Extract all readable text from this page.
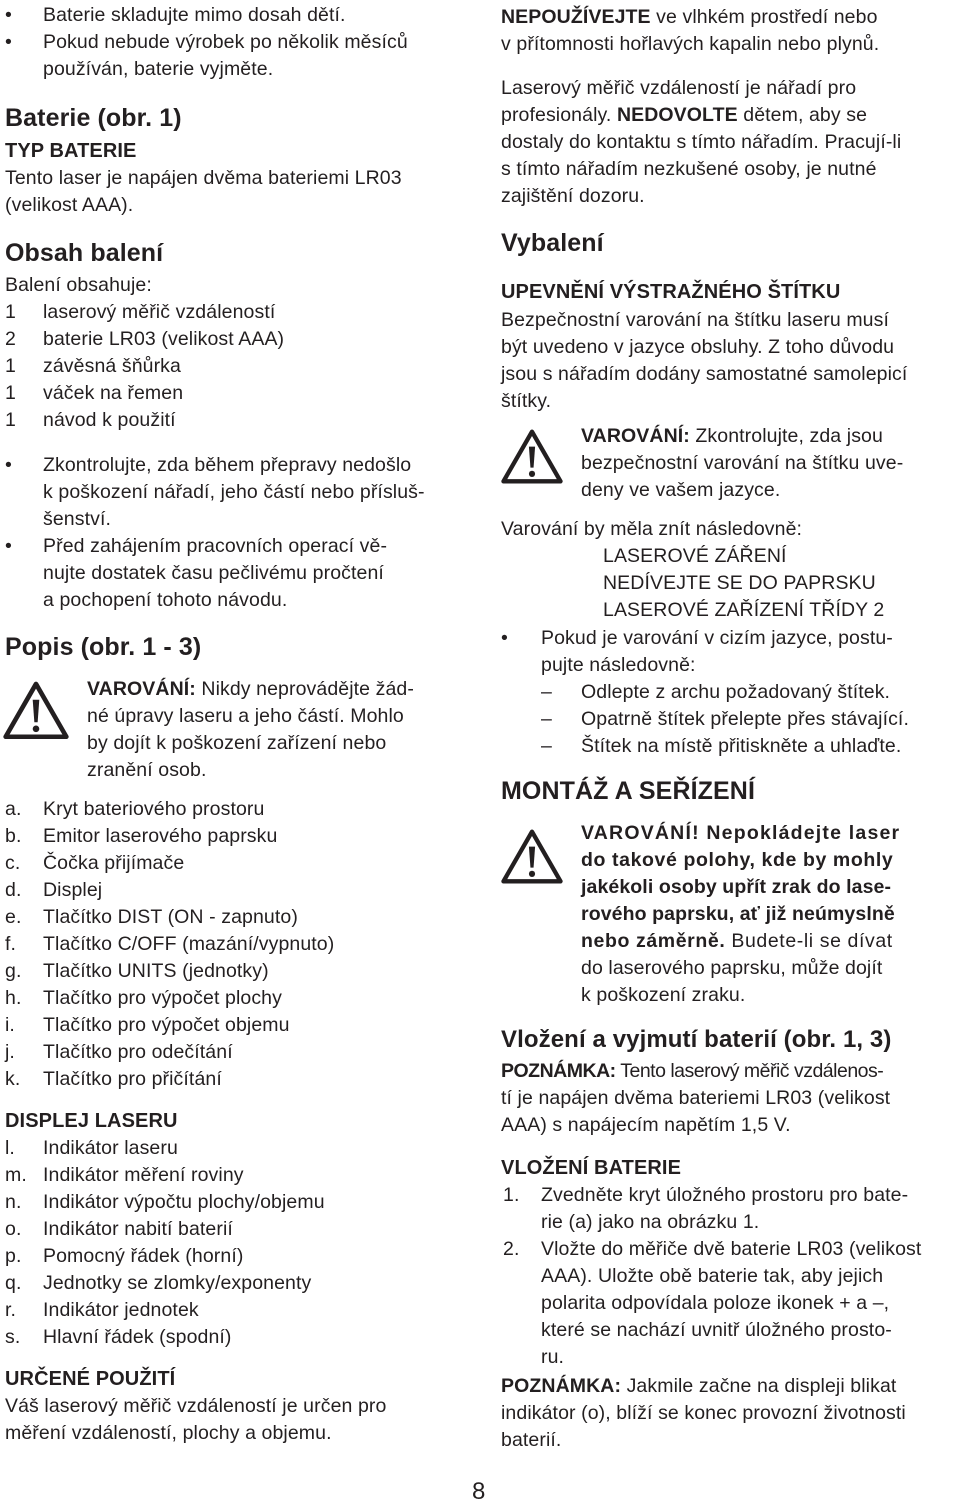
• Baterie skladujte mimo dosah dětí.
• Pokud nebude výrobek po několik měsíců
používán, baterie vyjměte.
Baterie (obr. 1)
TYP BATERIE
Tento laser je napájen dvěma bateriemi LR03
(velikost AAA).
Obsah balení
Balení obsahuje:
1 laserový měřič vzdáleností
2 baterie LR03 (velikost AAA)
1 závěsná šňůrka
1 váček na řemen
1 návod k použití
• Zkontrolujte, zda během přepravy nedošlo
k poškození nářadí, jeho částí nebo přísluš-
šenství.
• Před zahájením pracovních operací vě-
nujte dostatek času pečlivému pročtení
a pochopení tohoto návodu.
Popis (obr. 1 - 3)
VAROVÁNÍ: Nikdy neprovádějte žád-
né úpravy laseru a jeho částí. Mohlo
by dojít k poškození zařízení nebo
zranění osob.
a. Kryt bateriového prostoru
b. Emitor laserového paprsku
c. Čočka přijímače
d. Displej
e. Tlačítko DIST (ON - zapnuto)
f. Tlačítko C/OFF (mazání/vypnuto)
g. Tlačítko UNITS (jednotky)
h. Tlačítko pro výpočet plochy
i. Tlačítko pro výpočet objemu
j. Tlačítko pro odečítání
k. Tlačítko pro přičítání
DISPLEJ LASERU
l. Indikátor laseru
m. Indikátor měření roviny
n. Indikátor výpočtu plochy/objemu
o. Indikátor nabití baterií
p. Pomocný řádek (horní)
q. Jednotky se zlomky/exponenty
r. Indikátor jednotek
s. Hlavní řádek (spodní)
URČENÉ POUŽITÍ
Váš laserový měřič vzdáleností je určen pro
měření vzdáleností, plochy a objemu.
NEPOUŽÍVEJTE ve vlhkém prostředí nebo
v přítomnosti hořlavých kapalin nebo plynů.
Laserový měřič vzdáleností je nářadí pro
profesionály. NEDOVOLTE dětem, aby se
dostaly do kontaktu s tímto nářadím. Pracují-li
s tímto nářadím nezkušené osoby, je nutné
zajištění dozoru.
Vybalení
UPEVNĚNÍ VÝSTRAŽNÉHO ŠTÍTKU
Bezpečnostní varování na štítku laseru musí
být uvedeno v jazyce obsluhy. Z toho důvodu
jsou s nářadím dodány samostatné samolepicí
štítky.
VAROVÁNÍ: Zkontrolujte, zda jsou
bezpečnostní varování na štítku uve-
deny ve vašem jazyce.
Varování by měla znít následovně:
LASEROVÉ ZÁŘENÍ
NEDÍVEJTE SE DO PAPRSKU
LASEROVÉ ZAŘÍZENÍ TŘÍDY 2
• Pokud je varování v cizím jazyce, postu-
pujte následovně:
– Odlepte z archu požadovaný štítek.
– Opatrně štítek přelepte přes stávající.
– Štítek na místě přitiskněte a uhlaďte.
MONTÁŽ A SEŘÍZENÍ
VAROVÁNÍ! Nepokládejte laser
do takové polohy, kde by mohly
jakékoli osoby upřít zrak do lase-
rového paprsku, ať již neúmyslně
nebo záměrně. Budete-li se dívat
do laserového paprsku, může dojít
k poškození zraku.
Vložení a vyjmutí baterií (obr. 1, 3)
POZNÁMKA: Tento laserový měřič vzdálenos-
tí je napájen dvěma bateriemi LR03 (velikost
AAA) s napájecím napětím 1,5 V.
VLOŽENÍ BATERIE
1. Zvedněte kryt úložného prostoru pro bate-
rie (a) jako na obrázku 1.
2. Vložte do měřiče dvě baterie LR03 (velikost
AAA). Uložte obě baterie tak, aby jejich
polarita odpovídala poloze ikonek + a –,
které se nachází uvnitř úložného prosto-
ru.
POZNÁMKA: Jakmile začne na displeji blikat
indikátor (o), blíží se konec provozní životnosti
baterií.
8
